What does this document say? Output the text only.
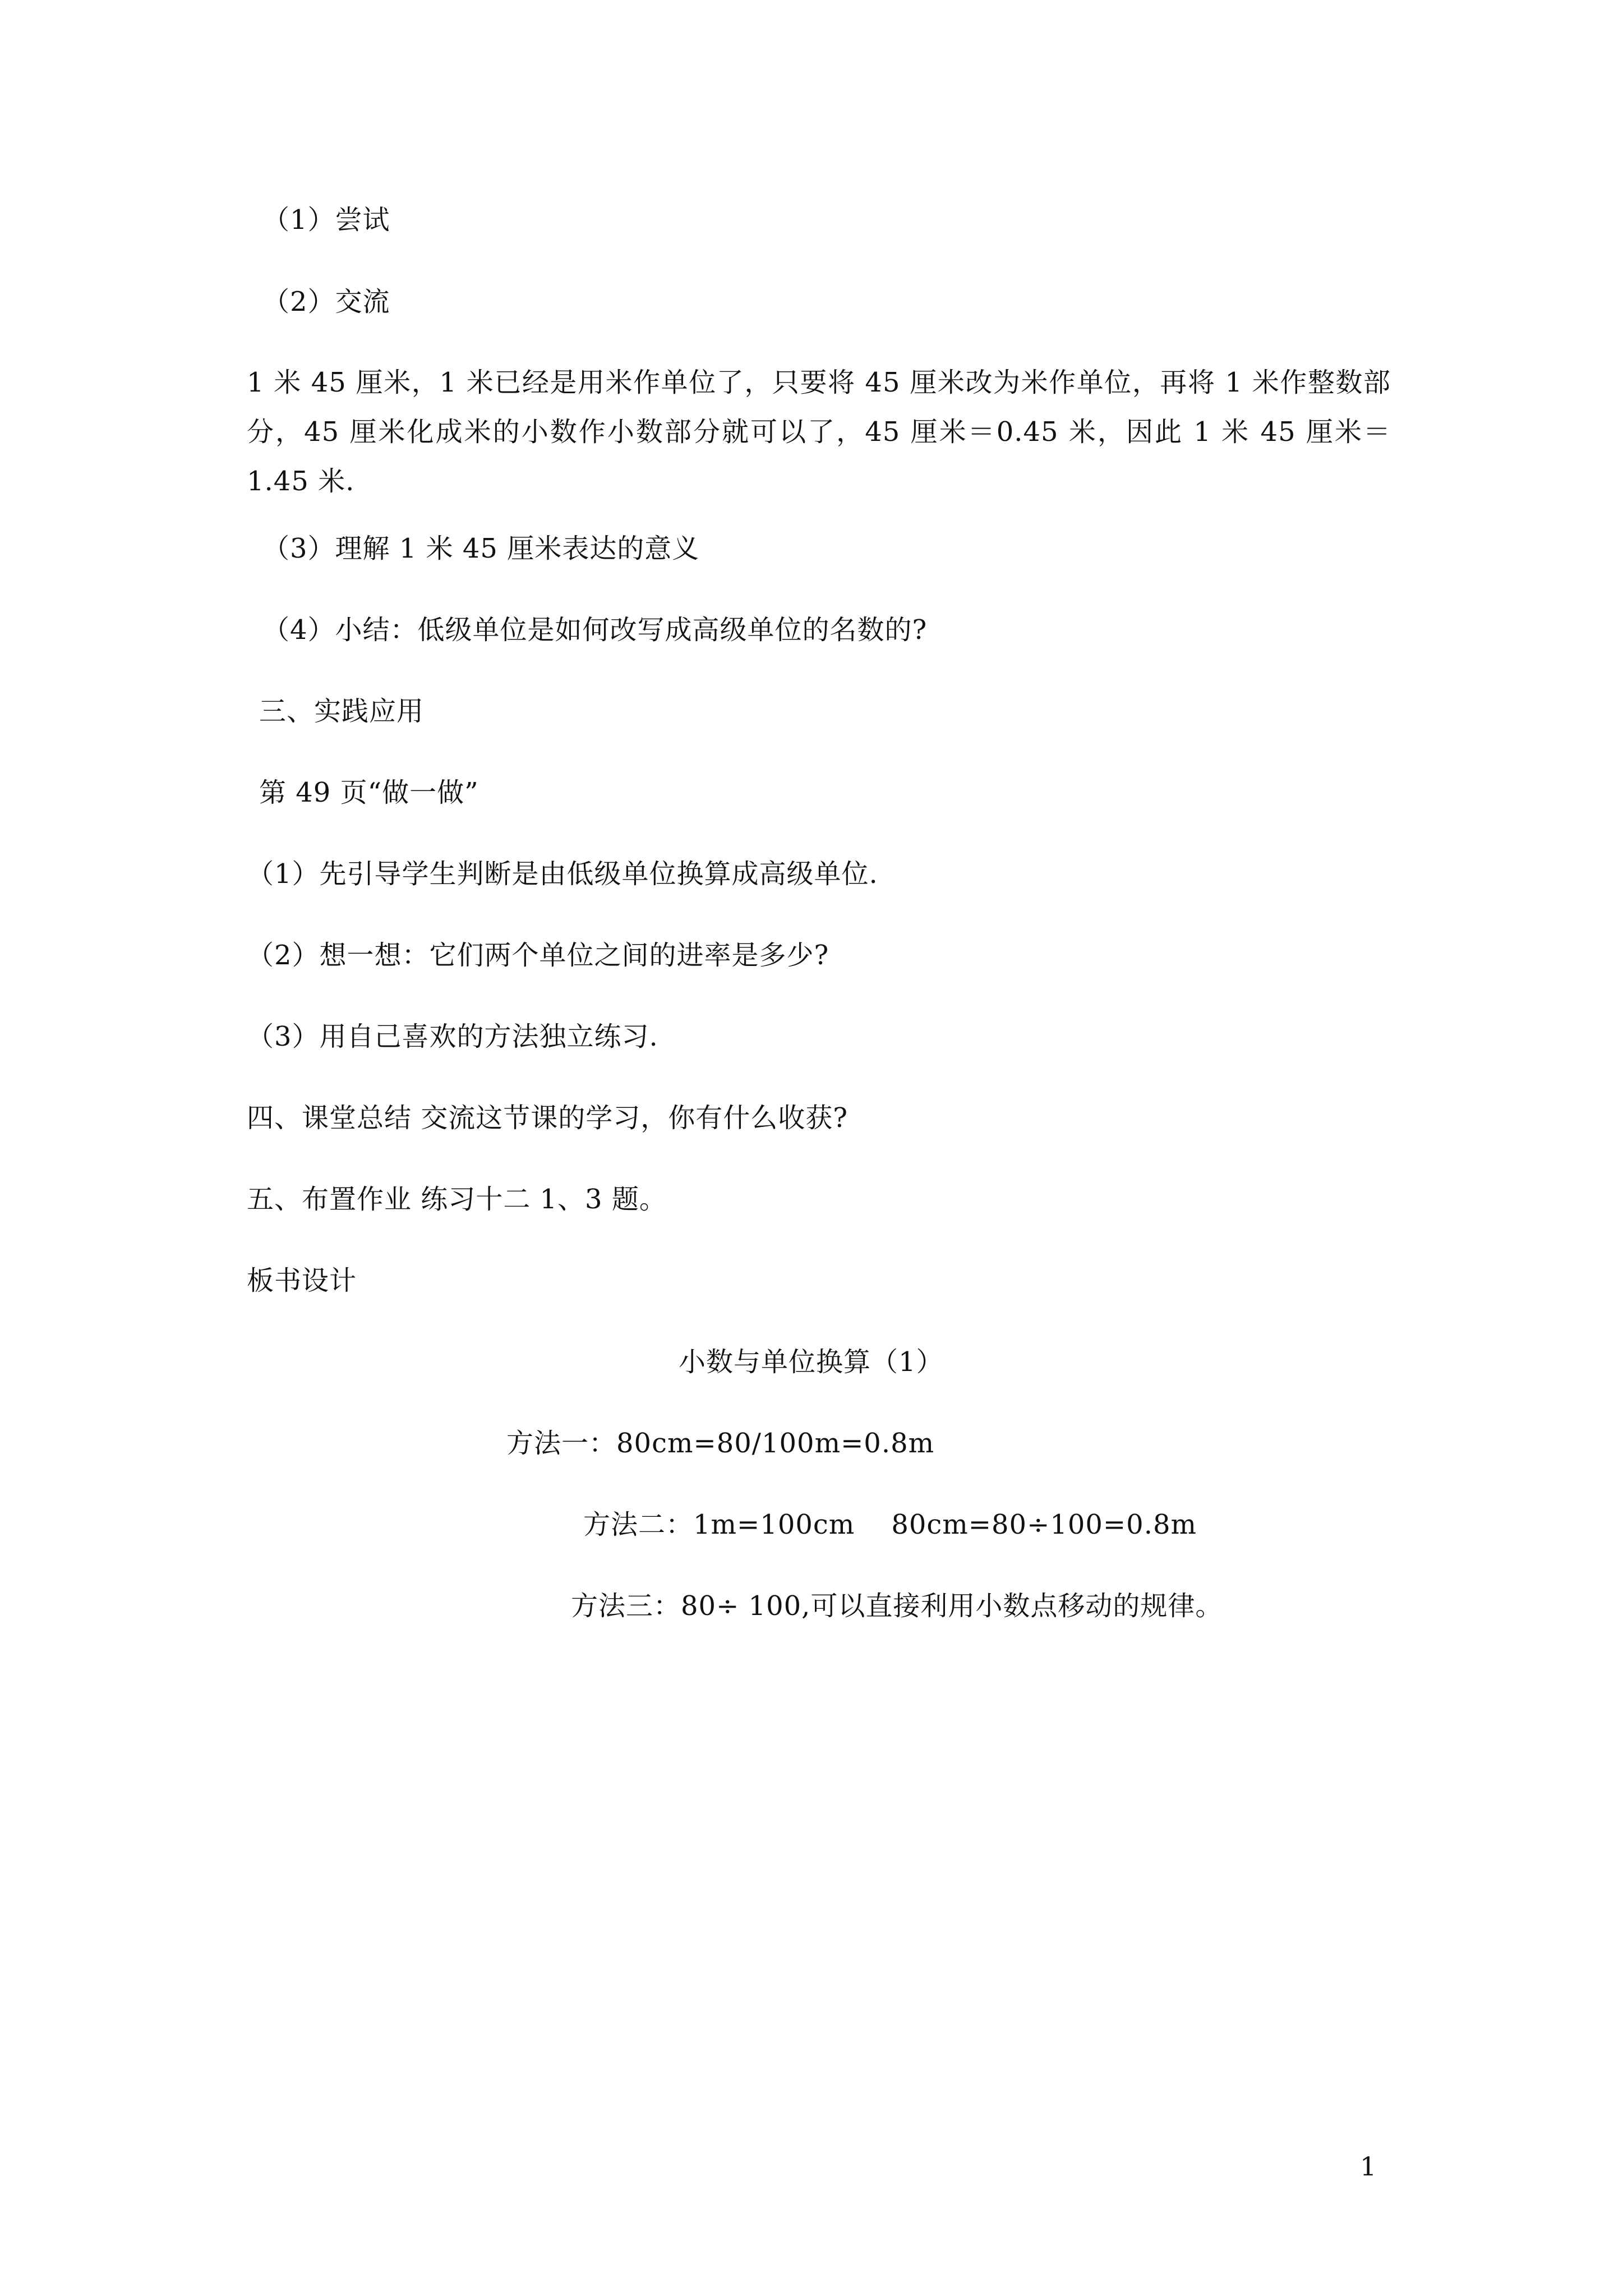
（1）尝试
（2）交流
1 米 45 厘米，1 米已经是用米作单位了，只要将 45 厘米改为米作单位，再将 1 米作整数部分，45 厘米化成米的小数作小数部分就可以了，45 厘米＝0.45 米，因此 1 米 45 厘米＝1.45 米.
（3）理解 1 米 45 厘米表达的意义
（4）小结：低级单位是如何改写成高级单位的名数的?
三、实践应用
第 49 页“做一做”
（1）先引导学生判断是由低级单位换算成高级单位.
（2）想一想：它们两个单位之间的进率是多少?
（3）用自己喜欢的方法独立练习.
四、课堂总结 交流这节课的学习，你有什么收获?
五、布置作业 练习十二 1、3 题。
板书设计
小数与单位换算（1）
方法一：80cm=80/100m=0.8m
方法二：1m=100cm    80cm=80÷100=0.8m
方法三：80÷ 100,可以直接利用小数点移动的规律。
1
